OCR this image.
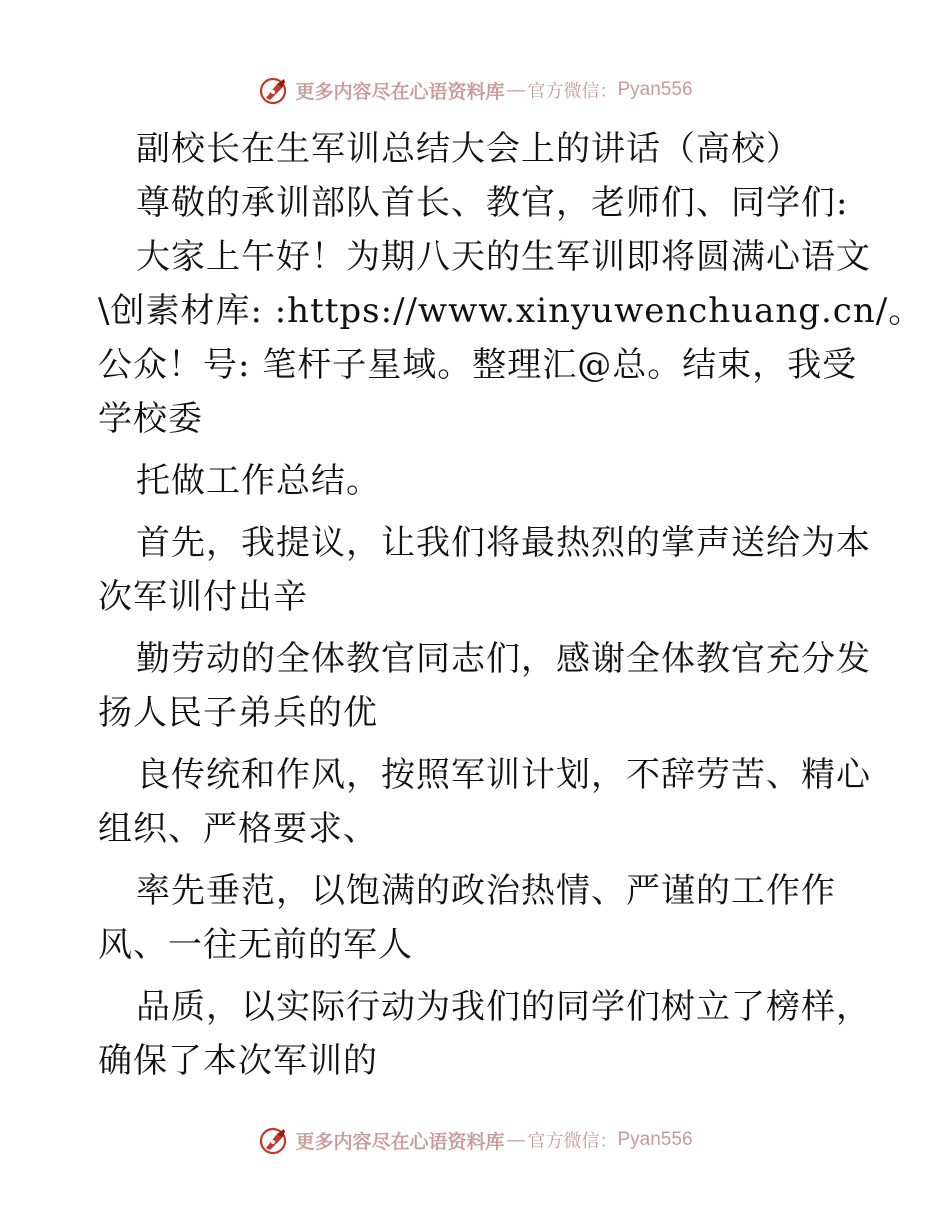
更多内容尽在心语资料库 — 官方微信： Pyan556
副校长在生军训总结大会上的讲话（高校）
尊敬的承训部队首长、教官，老师们、同学们:
大家上午好！为期八天的生军训即将圆满心语文
\创素材库: :https://www.xinyuwenchuang.cn/。
公众！号: 笔杆子星域。整理汇@总。结束，我受
学校委
托做工作总结。
首先，我提议，让我们将最热烈的掌声送给为本
次军训付出辛
勤劳动的全体教官同志们，感谢全体教官充分发
扬人民子弟兵的优
良传统和作风，按照军训计划，不辞劳苦、精心
组织、严格要求、
率先垂范，以饱满的政治热情、严谨的工作作
风、一往无前的军人
品质，以实际行动为我们的同学们树立了榜样，
确保了本次军训的
更多内容尽在心语资料库 — 官方微信： Pyan556
